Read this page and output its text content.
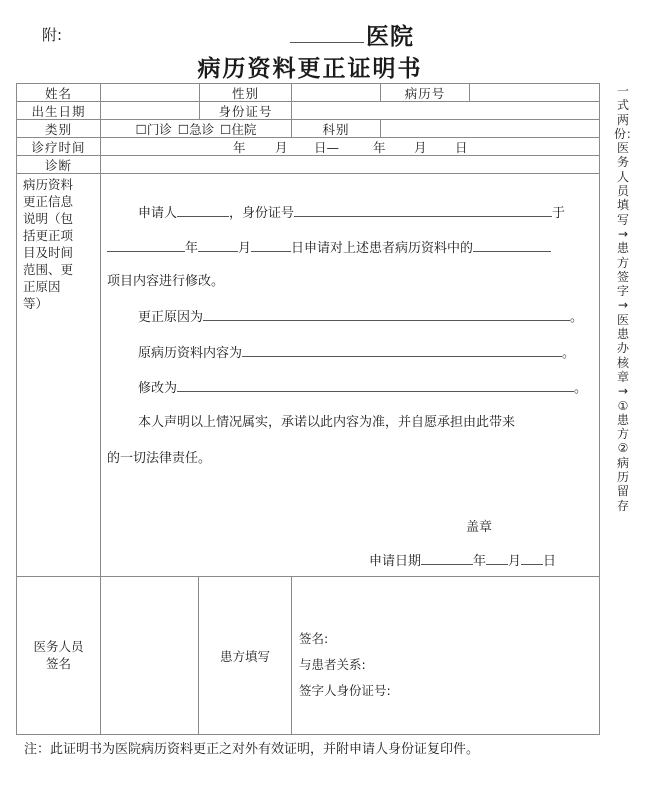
附:	医院
病历资料更正证明书
姓名	性别	病历号
出生日期	身份证号
类别	☐门诊 ☐急诊 ☐住院	科别
诊疗时间	年 月 日—	年 月 日
诊断
病历资料
更正信息
说明（包
括更正项
目及时间
范围、更
正原因
等）
申请人	，身份证号	于
年	月	日申请对上述患者病历资料中的
项目内容进行修改。
更正原因为	。
原病历资料内容为	。
修改为	。
本人声明以上情况属实，承诺以此内容为准，并自愿承担由此带来
的一切法律责任。
盖章
申请日期	年 月 日
医务人员
签名	患方填写
签名:
与患者关系:
签字人身份证号:
一式两份：医务人员填写→患方签字→医患办核章→①患方②病历留存
注：此证明书为医院病历资料更正之对外有效证明，并附申请人身份证复印件。
